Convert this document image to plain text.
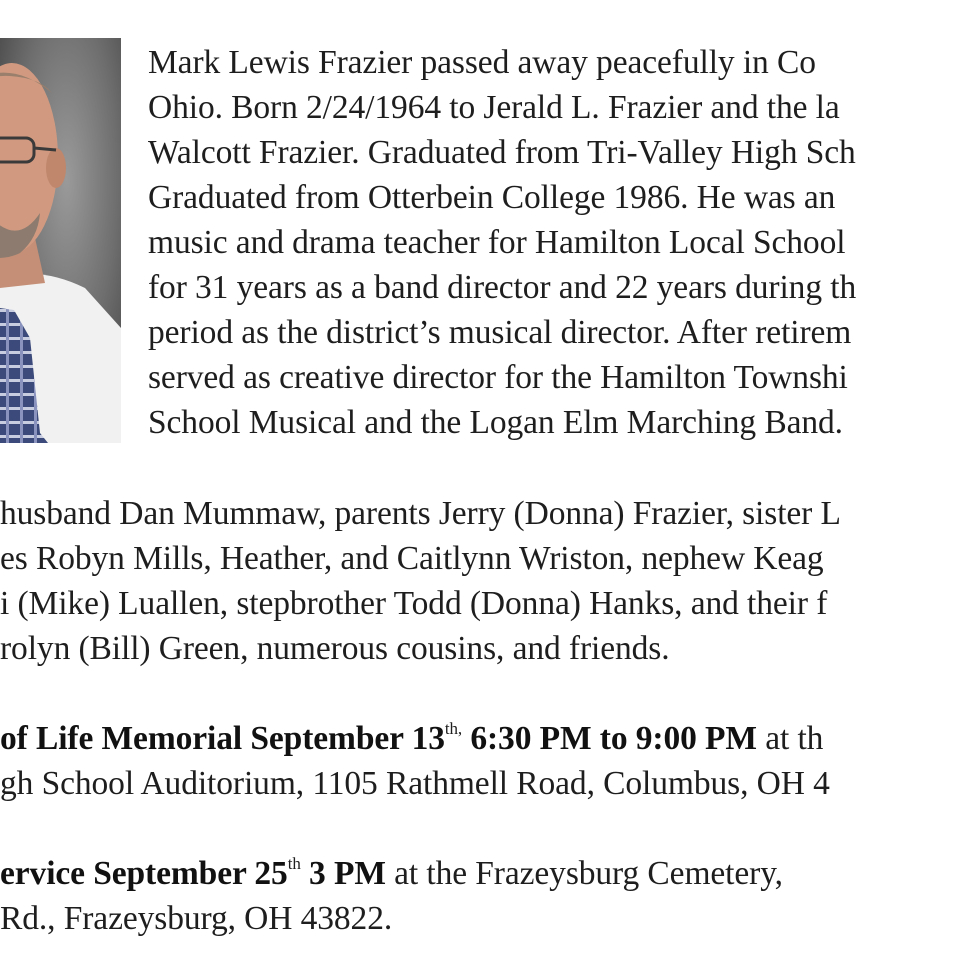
Mark Lewis Frazier passed away peacefully in Co
Ohio. Born 2/24/1964 to Jerald L. Frazier and the la
Walcott Frazier. Graduated from Tri-Valley High Sch
Graduated from Otterbein College 1986. He was an
music and drama teacher for Hamilton Local School
for 31 years as a band director and 22 years during th
period as the district’s musical director. After retirem
served as creative director for the Hamilton Townshi
School Musical and the Logan Elm Marching Band.
husband Dan Mummaw, parents Jerry (Donna) Frazier, sister L
es Robyn Mills, Heather, and Caitlynn Wriston, nephew Keag
i (Mike) Luallen, stepbrother Todd (Donna) Hanks, and their f
rolyn (Bill) Green, numerous cousins, and friends.
of Life Memorial September $13^{th,}$ 6:30 PM to 9:00 PM at th
gh School Auditorium, 1105 Rathmell Road, Columbus, OH 4
ervice September 25th 3 PM at the Frazeysburg Cemetery,
Rd., Frazeysburg, OH 43822.
